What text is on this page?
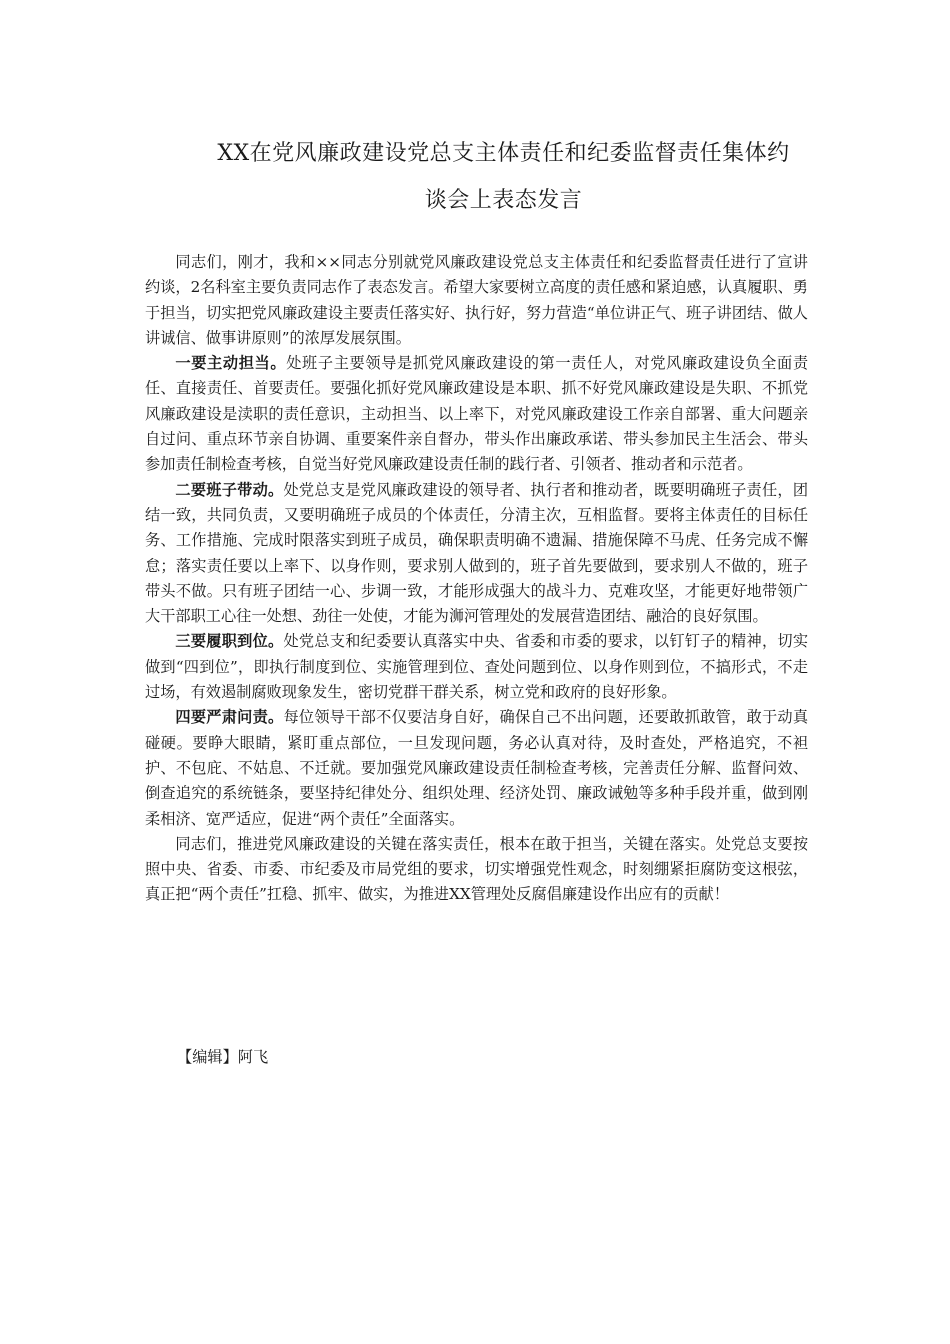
XX在党风廉政建设党总支主体责任和纪委监督责任集体约
谈会上表态发言

同志们，刚才，我和××同志分别就党风廉政建设党总支主体责任和纪委监督责任进行了宣讲约谈，2名科室主要负责同志作了表态发言。希望大家要树立高度的责任感和紧迫感，认真履职、勇于担当，切实把党风廉政建设主要责任落实好、执行好，努力营造“单位讲正气、班子讲团结、做人讲诚信、做事讲原则”的浓厚发展氛围。

一要主动担当。处班子主要领导是抓党风廉政建设的第一责任人，对党风廉政建设负全面责任、直接责任、首要责任。要强化抓好党风廉政建设是本职、抓不好党风廉政建设是失职、不抓党风廉政建设是渎职的责任意识，主动担当、以上率下，对党风廉政建设工作亲自部署、重大问题亲自过问、重点环节亲自协调、重要案件亲自督办，带头作出廉政承诺、带头参加民主生活会、带头参加责任制检查考核，自觉当好党风廉政建设责任制的践行者、引领者、推动者和示范者。

二要班子带动。处党总支是党风廉政建设的领导者、执行者和推动者，既要明确班子责任，团结一致，共同负责，又要明确班子成员的个体责任，分清主次，互相监督。要将主体责任的目标任务、工作措施、完成时限落实到班子成员，确保职责明确不遗漏、措施保障不马虎、任务完成不懈怠；落实责任要以上率下、以身作则，要求别人做到的，班子首先要做到，要求别人不做的，班子带头不做。只有班子团结一心、步调一致，才能形成强大的战斗力、克难攻坚，才能更好地带领广大干部职工心往一处想、劲往一处使，才能为浉河管理处的发展营造团结、融洽的良好氛围。

三要履职到位。处党总支和纪委要认真落实中央、省委和市委的要求，以钉钉子的精神，切实做到“四到位”，即执行制度到位、实施管理到位、查处问题到位、以身作则到位，不搞形式，不走过场，有效遏制腐败现象发生，密切党群干群关系，树立党和政府的良好形象。

四要严肃问责。每位领导干部不仅要洁身自好，确保自己不出问题，还要敢抓敢管，敢于动真碰硬。要睁大眼睛，紧盯重点部位，一旦发现问题，务必认真对待，及时查处，严格追究，不袒护、不包庇、不姑息、不迁就。要加强党风廉政建设责任制检查考核，完善责任分解、监督问效、倒查追究的系统链条，要坚持纪律处分、组织处理、经济处罚、廉政诫勉等多种手段并重，做到刚柔相济、宽严适应，促进“两个责任”全面落实。

同志们，推进党风廉政建设的关键在落实责任，根本在敢于担当，关键在落实。处党总支要按照中央、省委、市委、市纪委及市局党组的要求，切实增强党性观念，时刻绷紧拒腐防变这根弦，真正把“两个责任”扛稳、抓牢、做实，为推进XX管理处反腐倡廉建设作出应有的贡献！

【编辑】阿飞
